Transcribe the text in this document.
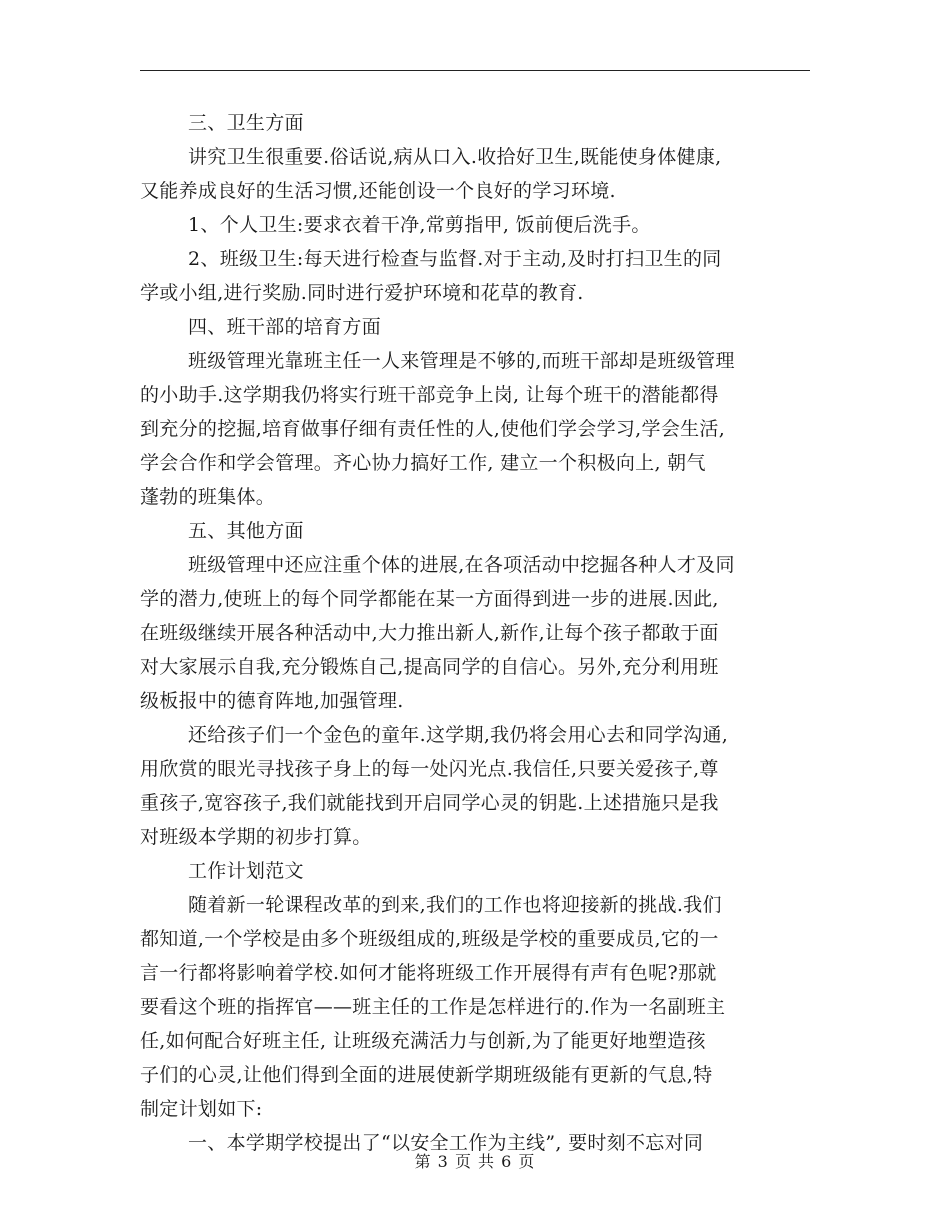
三、卫生方面
讲究卫生很重要.俗话说,病从口入.收拾好卫生,既能使身体健康,
又能养成良好的生活习惯,还能创设一个良好的学习环境.
1、个人卫生:要求衣着干净,常剪指甲, 饭前便后洗手。
2、班级卫生:每天进行检查与监督.对于主动,及时打扫卫生的同
学或小组,进行奖励.同时进行爱护环境和花草的教育.
四、班干部的培育方面
班级管理光靠班主任一人来管理是不够的,而班干部却是班级管理
的小助手.这学期我仍将实行班干部竞争上岗, 让每个班干的潜能都得
到充分的挖掘,培育做事仔细有责任性的人,使他们学会学习,学会生活,
学会合作和学会管理。齐心协力搞好工作, 建立一个积极向上, 朝气
蓬勃的班集体。
五、其他方面
班级管理中还应注重个体的进展,在各项活动中挖掘各种人才及同
学的潜力,使班上的每个同学都能在某一方面得到进一步的进展.因此,
在班级继续开展各种活动中,大力推出新人,新作,让每个孩子都敢于面
对大家展示自我,充分锻炼自己,提高同学的自信心。另外,充分利用班
级板报中的德育阵地,加强管理.
还给孩子们一个金色的童年.这学期,我仍将会用心去和同学沟通,
用欣赏的眼光寻找孩子身上的每一处闪光点.我信任,只要关爱孩子,尊
重孩子,宽容孩子,我们就能找到开启同学心灵的钥匙.上述措施只是我
对班级本学期的初步打算。
工作计划范文
随着新一轮课程改革的到来,我们的工作也将迎接新的挑战.我们
都知道,一个学校是由多个班级组成的,班级是学校的重要成员,它的一
言一行都将影响着学校.如何才能将班级工作开展得有声有色呢?那就
要看这个班的指挥官——班主任的工作是怎样进行的.作为一名副班主
任,如何配合好班主任, 让班级充满活力与创新,为了能更好地塑造孩
子们的心灵,让他们得到全面的进展使新学期班级能有更新的气息,特
制定计划如下:
一、本学期学校提出了“以安全工作为主线”, 要时刻不忘对同
第 3 页 共 6 页
